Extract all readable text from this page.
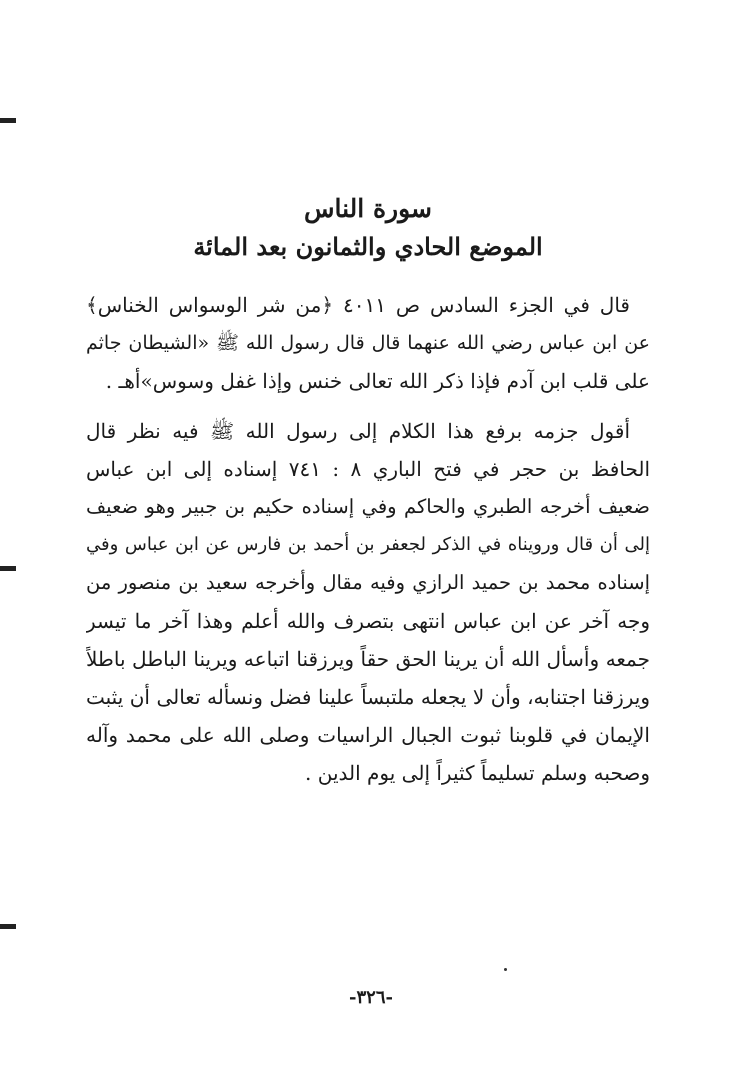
سورة الناس
الموضع الحادي والثمانون بعد المائة
قال في الجزء السادس ص ٤٠١١ ﴿من شر الوسواس الخناس﴾
عن ابن عباس رضي الله عنهما قال قال رسول الله ﷺ «الشيطان جاثم
على قلب ابن آدم فإذا ذكر الله تعالى خنس وإذا غفل وسوس»أهـ .
أقول جزمه برفع هذا الكلام إلى رسول الله ﷺ فيه نظر قال
الحافظ بن حجر في فتح الباري ٨ : ٧٤١ إسناده إلى ابن عباس
ضعيف أخرجه الطبري والحاكم وفي إسناده حكيم بن جبير وهو ضعيف
إلى أن قال ورويناه في الذكر لجعفر بن أحمد بن فارس عن ابن عباس وفي
إسناده محمد بن حميد الرازي وفيه مقال وأخرجه سعيد بن منصور من
وجه آخر عن ابن عباس انتهى بتصرف والله أعلم وهذا آخر ما تيسر
جمعه وأسأل الله أن يرينا الحق حقاً ويرزقنا اتباعه ويرينا الباطل باطلاً
ويرزقنا اجتنابه، وأن لا يجعله ملتبساً علينا فضل ونسأله تعالى أن يثبت
الإيمان في قلوبنا ثبوت الجبال الراسيات وصلى الله على محمد وآله
وصحبه وسلم تسليماً كثيراً إلى يوم الدين .
-٣٢٦-
